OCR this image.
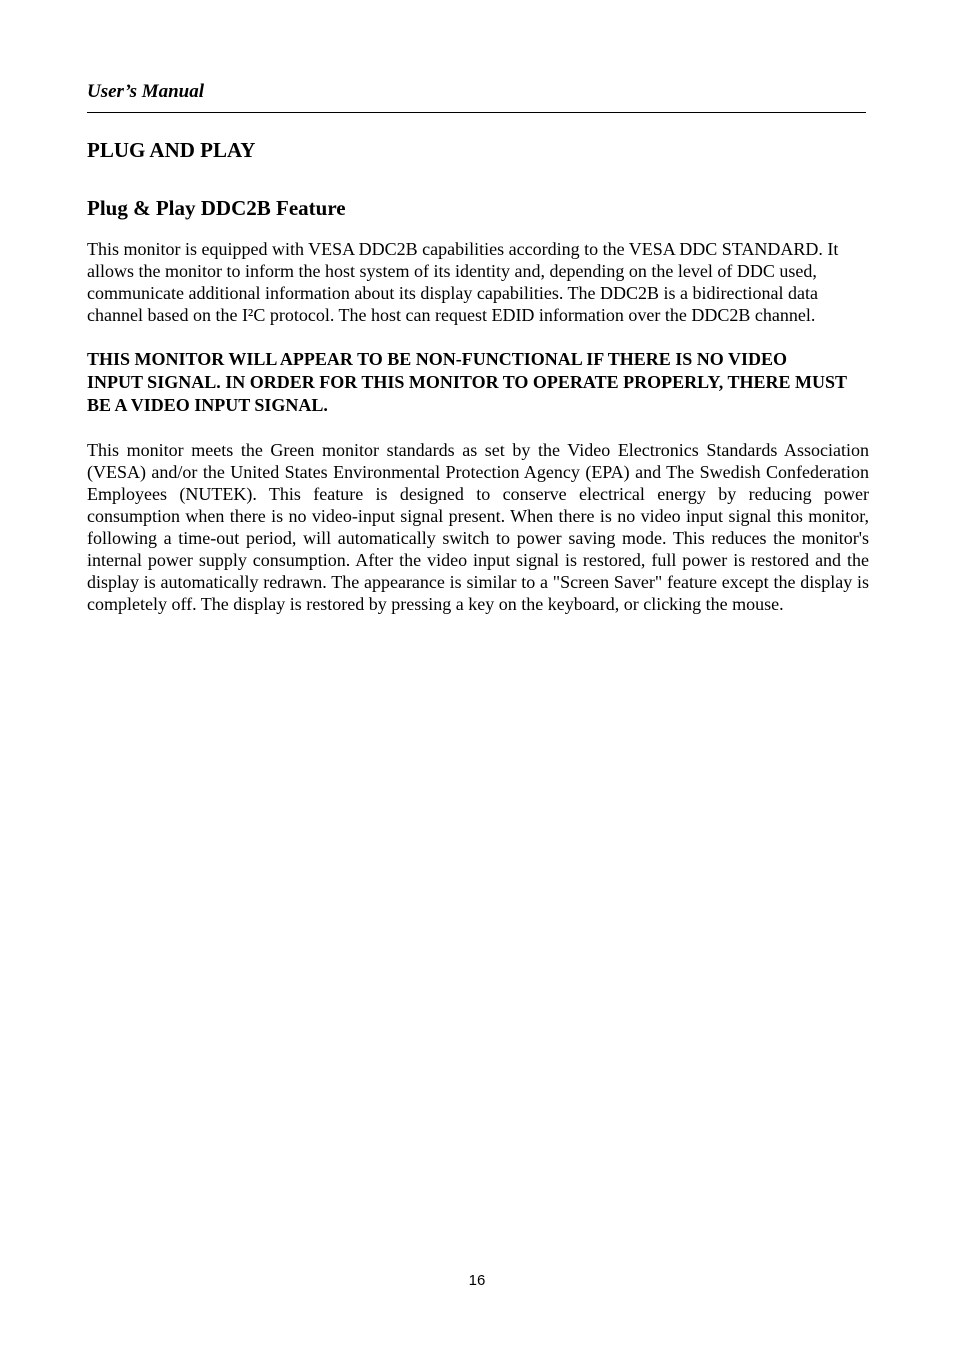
User’s Manual

PLUG AND PLAY
Plug & Play DDC2B Feature

This monitor is equipped with VESA DDC2B capabilities according to the VESA DDC STANDARD. It allows the monitor to inform the host system of its identity and, depending on the level of DDC used, communicate additional information about its display capabilities. The DDC2B is a bidirectional data channel based on the I²C protocol. The host can request EDID information over the DDC2B channel.

THIS MONITOR WILL APPEAR TO BE NON-FUNCTIONAL IF THERE IS NO VIDEO INPUT SIGNAL. IN ORDER FOR THIS MONITOR TO OPERATE PROPERLY, THERE MUST BE A VIDEO INPUT SIGNAL.

This monitor meets the Green monitor standards as set by the Video Electronics Standards Association (VESA) and/or the United States Environmental Protection Agency (EPA) and The Swedish Confederation Employees (NUTEK). This feature is designed to conserve electrical energy by reducing power consumption when there is no video-input signal present. When there is no video input signal this monitor, following a time-out period, will automatically switch to power saving mode. This reduces the monitor's internal power supply consumption. After the video input signal is restored, full power is restored and the display is automatically redrawn. The appearance is similar to a "Screen Saver" feature except the display is completely off. The display is restored by pressing a key on the keyboard, or clicking the mouse.

16
